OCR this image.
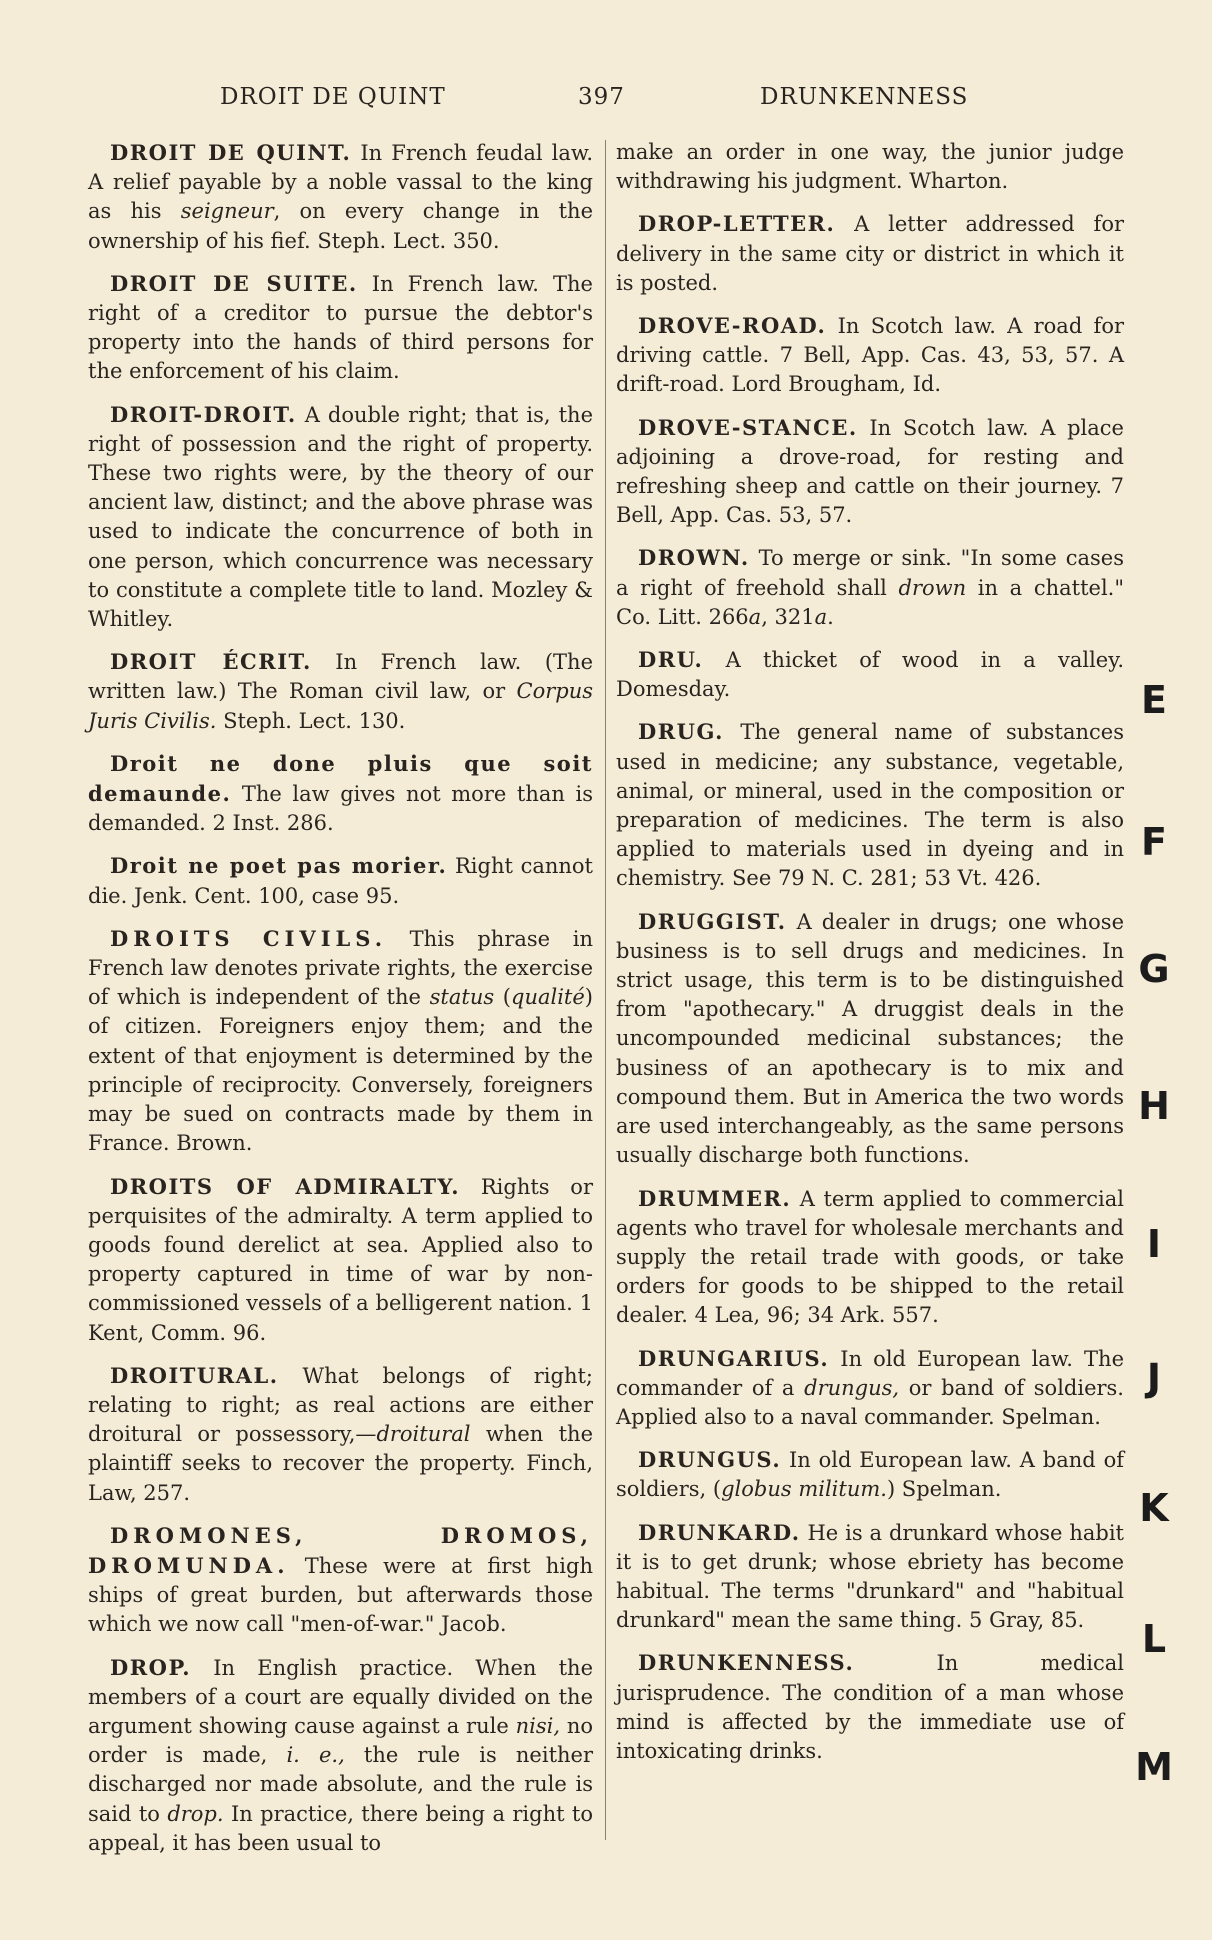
DROIT DE QUINT	397	DRUNKENNESS

DROIT DE QUINT. In French feudal law. A relief payable by a noble vassal to the king as his seigneur, on every change in the ownership of his fief. Steph. Lect. 350.

DROIT DE SUITE. In French law. The right of a creditor to pursue the debtor's property into the hands of third persons for the enforcement of his claim.

DROIT-DROIT. A double right; that is, the right of possession and the right of property. These two rights were, by the theory of our ancient law, distinct; and the above phrase was used to indicate the concurrence of both in one person, which concurrence was necessary to constitute a complete title to land. Mozley & Whitley.

DROIT ÉCRIT. In French law. (The written law.) The Roman civil law, or Corpus Juris Civilis. Steph. Lect. 130.

Droit ne done pluis que soit demaunde. The law gives not more than is demanded. 2 Inst. 286.

Droit ne poet pas morier. Right cannot die. Jenk. Cent. 100, case 95.

DROITS CIVILS. This phrase in French law denotes private rights, the exercise of which is independent of the status (qualité) of citizen. Foreigners enjoy them; and the extent of that enjoyment is determined by the principle of reciprocity. Conversely, foreigners may be sued on contracts made by them in France. Brown.

DROITS OF ADMIRALTY. Rights or perquisites of the admiralty. A term applied to goods found derelict at sea. Applied also to property captured in time of war by non-commissioned vessels of a belligerent nation. 1 Kent, Comm. 96.

DROITURAL. What belongs of right; relating to right; as real actions are either droitural or possessory,—droitural when the plaintiff seeks to recover the property. Finch, Law, 257.

DROMONES, DROMOS, DROMUNDA. These were at first high ships of great burden, but afterwards those which we now call "men-of-war." Jacob.

DROP. In English practice. When the members of a court are equally divided on the argument showing cause against a rule nisi, no order is made, i. e., the rule is neither discharged nor made absolute, and the rule is said to drop. In practice, there being a right to appeal, it has been usual to

make an order in one way, the junior judge withdrawing his judgment. Wharton.

DROP-LETTER. A letter addressed for delivery in the same city or district in which it is posted.

DROVE-ROAD. In Scotch law. A road for driving cattle. 7 Bell, App. Cas. 43, 53, 57. A drift-road. Lord Brougham, Id.

DROVE-STANCE. In Scotch law. A place adjoining a drove-road, for resting and refreshing sheep and cattle on their journey. 7 Bell, App. Cas. 53, 57.

DROWN. To merge or sink. "In some cases a right of freehold shall drown in a chattel." Co. Litt. 266a, 321a.

DRU. A thicket of wood in a valley. Domesday.

DRUG. The general name of substances used in medicine; any substance, vegetable, animal, or mineral, used in the composition or preparation of medicines. The term is also applied to materials used in dyeing and in chemistry. See 79 N. C. 281; 53 Vt. 426.

DRUGGIST. A dealer in drugs; one whose business is to sell drugs and medicines. In strict usage, this term is to be distinguished from "apothecary." A druggist deals in the uncompounded medicinal substances; the business of an apothecary is to mix and compound them. But in America the two words are used interchangeably, as the same persons usually discharge both functions.

DRUMMER. A term applied to commercial agents who travel for wholesale merchants and supply the retail trade with goods, or take orders for goods to be shipped to the retail dealer. 4 Lea, 96; 34 Ark. 557.

DRUNGARIUS. In old European law. The commander of a drungus, or band of soldiers. Applied also to a naval commander. Spelman.

DRUNGUS. In old European law. A band of soldiers, (globus militum.) Spelman.

DRUNKARD. He is a drunkard whose habit it is to get drunk; whose ebriety has become habitual. The terms "drunkard" and "habitual drunkard" mean the same thing. 5 Gray, 85.

DRUNKENNESS. In medical jurisprudence. The condition of a man whose mind is affected by the immediate use of intoxicating drinks.

E
F
G
H
I
J
K
L
M
